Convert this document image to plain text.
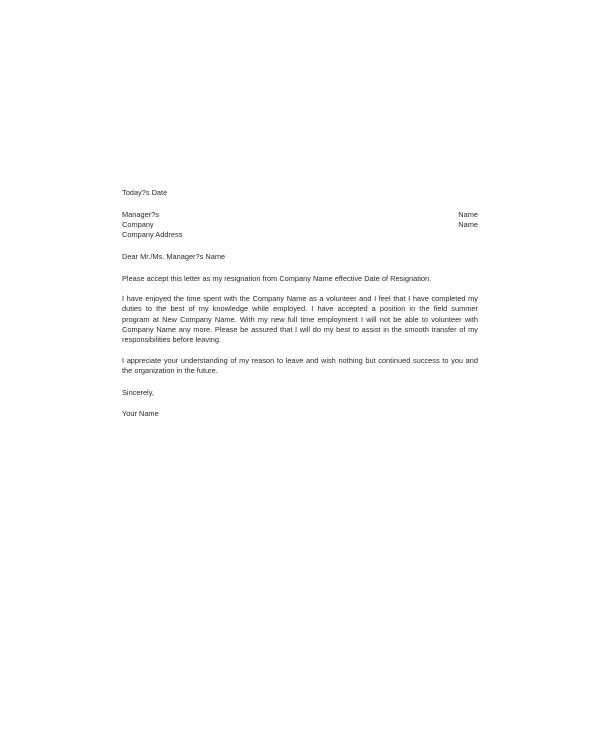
Today?s Date
Manager?s
Company
Company Address
Name
Name
Dear Mr./Ms. Manager?s Name
Please accept this letter as my resignation from Company Name effective Date of Resignation.
I have enjoyed the time spent with the Company Name as a volunteer and I feel that I have completed my
duties to the best of my knowledge while employed. I have accepted a position in the field summer
program at New Company Name. With my new full time employment I will not be able to volunteer with
Company Name any more. Please be assured that I will do my best to assist in the smooth transfer of my
responsibilities before leaving.
I appreciate your understanding of my reason to leave and wish nothing but continued success to you and
the organization in the future.
Sincerely,
Your Name
